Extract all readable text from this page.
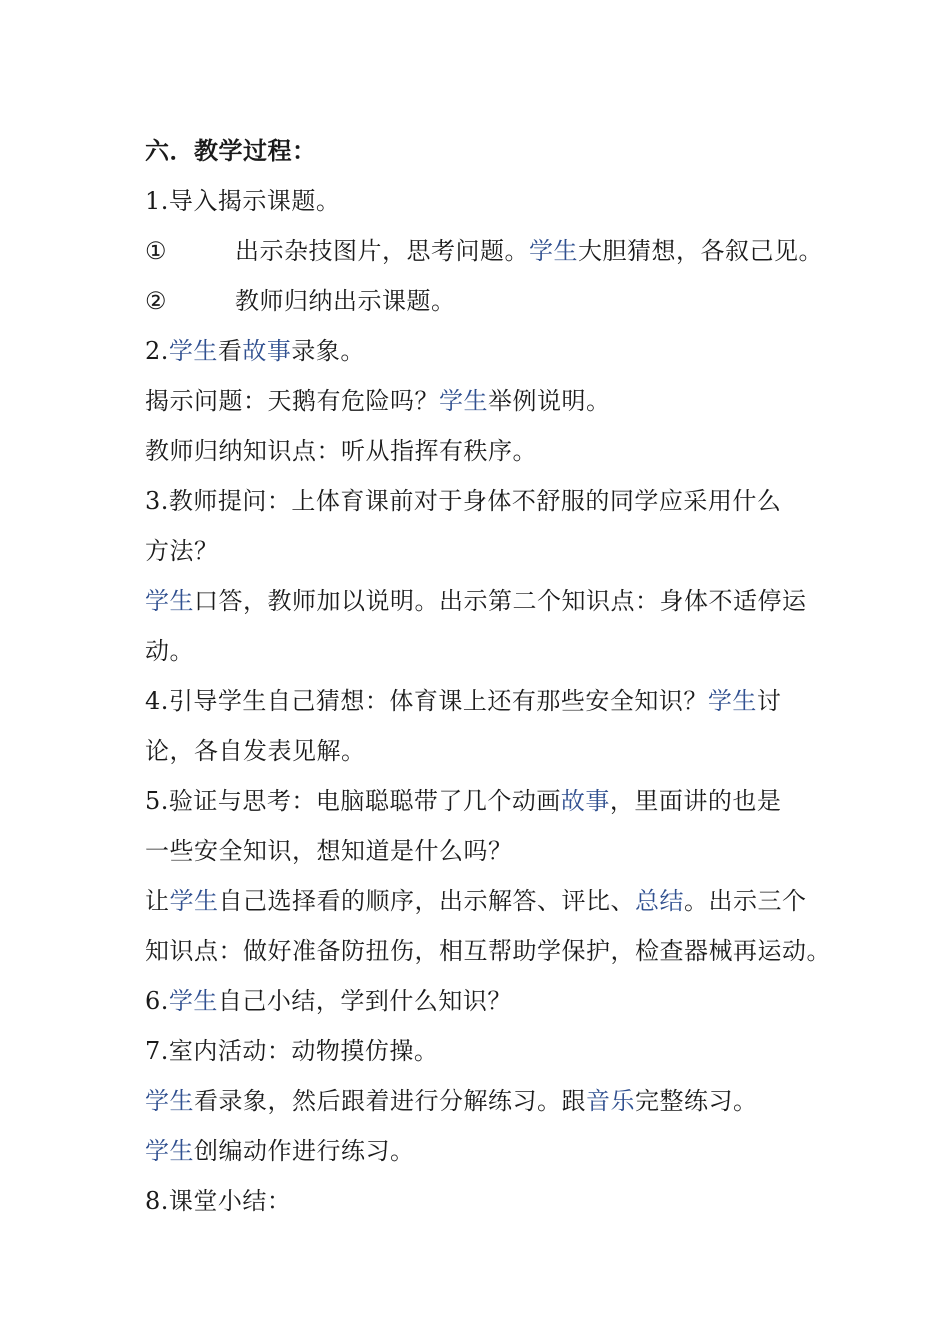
六．教学过程：
1.导入揭示课题。
①	出示杂技图片，思考问题。学生大胆猜想，各叙己见。
②	教师归纳出示课题。
2.学生看故事录象。
揭示问题：天鹅有危险吗？学生举例说明。
教师归纳知识点：听从指挥有秩序。
3.教师提问：上体育课前对于身体不舒服的同学应采用什么
方法？
学生口答，教师加以说明。出示第二个知识点：身体不适停运
动。
4.引导学生自己猜想：体育课上还有那些安全知识？学生讨
论，各自发表见解。
5.验证与思考：电脑聪聪带了几个动画故事，里面讲的也是
一些安全知识，想知道是什么吗？
让学生自己选择看的顺序，出示解答、评比、总结。出示三个
知识点：做好准备防扭伤，相互帮助学保护，检查器械再运动。
6.学生自己小结，学到什么知识？
7.室内活动：动物摸仿操。
学生看录象，然后跟着进行分解练习。跟音乐完整练习。
学生创编动作进行练习。
8.课堂小结：
